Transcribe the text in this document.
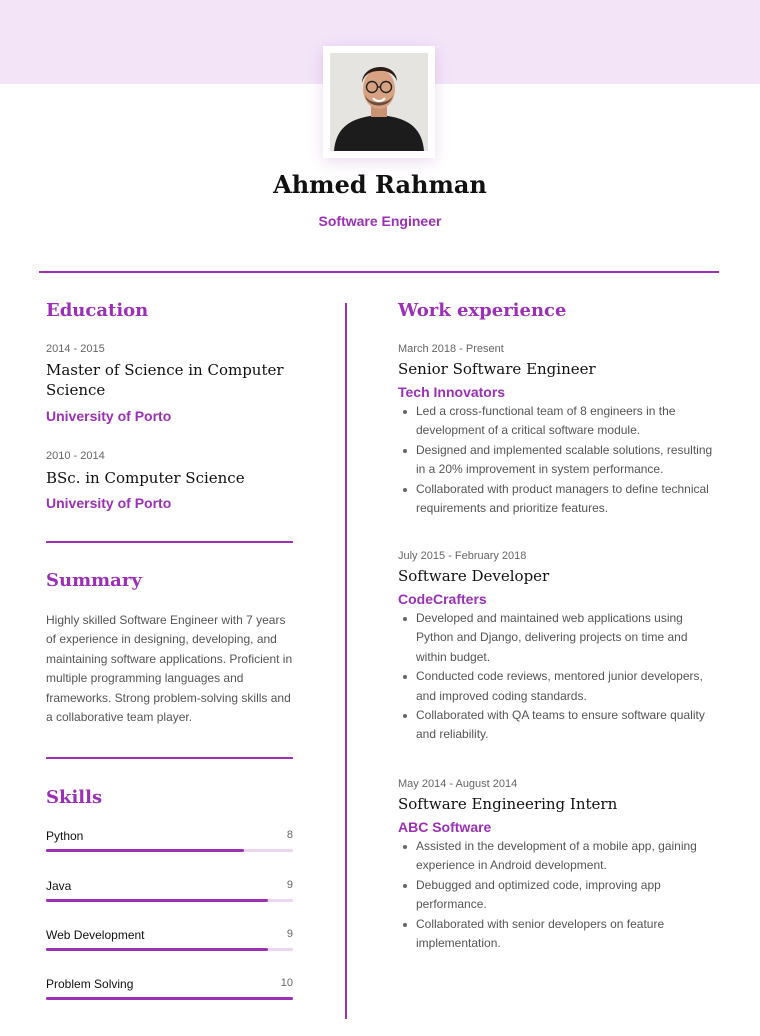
Ahmed Rahman
Software Engineer
Education
2014 - 2015
Master of Science in Computer Science
University of Porto
2010 - 2014
BSc. in Computer Science
University of Porto
Summary
Highly skilled Software Engineer with 7 years of experience in designing, developing, and maintaining software applications. Proficient in multiple programming languages and frameworks. Strong problem-solving skills and a collaborative team player.
Skills
Python	8
Java	9
Web Development	9
Problem Solving	10
Work experience
March 2018 - Present
Senior Software Engineer
Tech Innovators
Led a cross-functional team of 8 engineers in the development of a critical software module.
Designed and implemented scalable solutions, resulting in a 20% improvement in system performance.
Collaborated with product managers to define technical requirements and prioritize features.
July 2015 - February 2018
Software Developer
CodeCrafters
Developed and maintained web applications using Python and Django, delivering projects on time and within budget.
Conducted code reviews, mentored junior developers, and improved coding standards.
Collaborated with QA teams to ensure software quality and reliability.
May 2014 - August 2014
Software Engineering Intern
ABC Software
Assisted in the development of a mobile app, gaining experience in Android development.
Debugged and optimized code, improving app performance.
Collaborated with senior developers on feature implementation.
